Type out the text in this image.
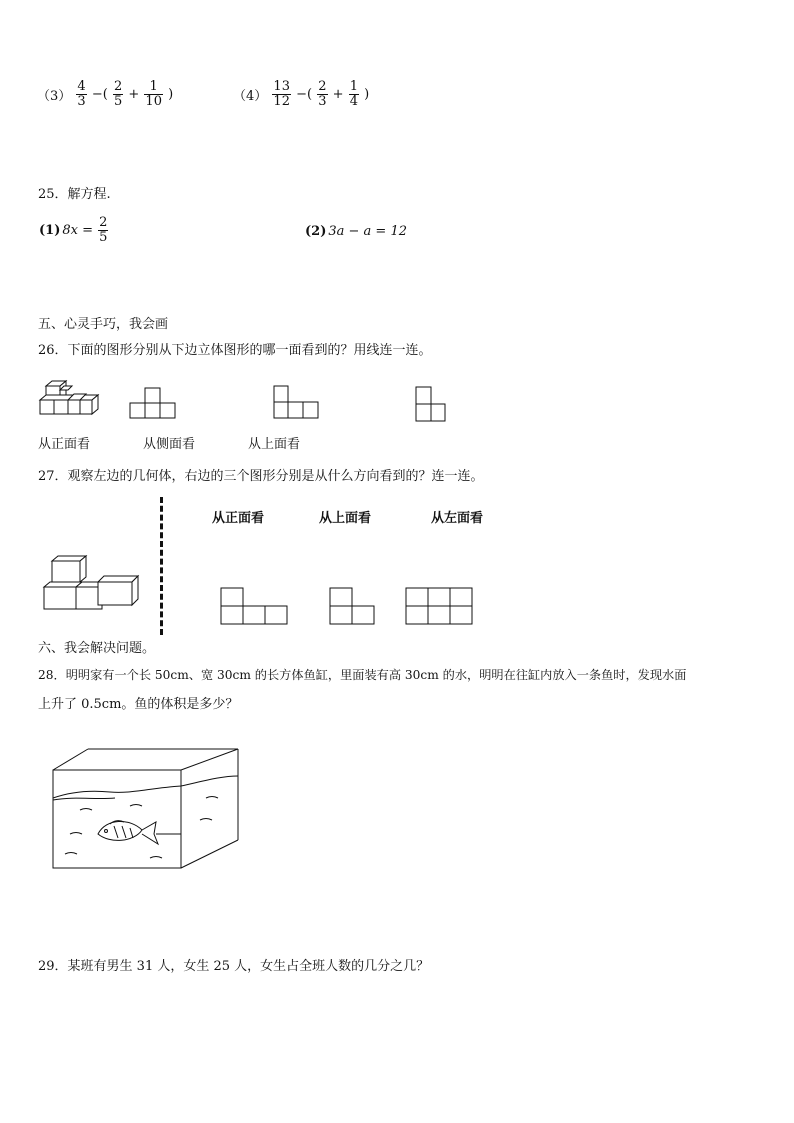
$(3) \frac{4}{3}$ −( $\frac{2}{5} + \frac{1}{10}$ )	$(4) \frac{13}{12}$ −( $\frac{2}{3} + \frac{1}{4}$ )
25．解方程.
(1) $8x = \frac{2}{5}$	(2) 3a − a = 12
五、心灵手巧，我会画
26．下面的图形分别从下边立体图形的哪一面看到的？用线连一连。
从正面看	从侧面看	从上面看
27．观察左边的几何体，右边的三个图形分别是从什么方向看到的？连一连。
从正面看	从上面看	从左面看
六、我会解决问题。
28．明明家有一个长 50cm、宽 30cm 的长方体鱼缸，里面装有高 30cm 的水，明明在往缸内放入一条鱼时，发现水面
上升了 0.5cm。鱼的体积是多少？
29．某班有男生 31 人，女生 25 人，女生占全班人数的几分之几？
